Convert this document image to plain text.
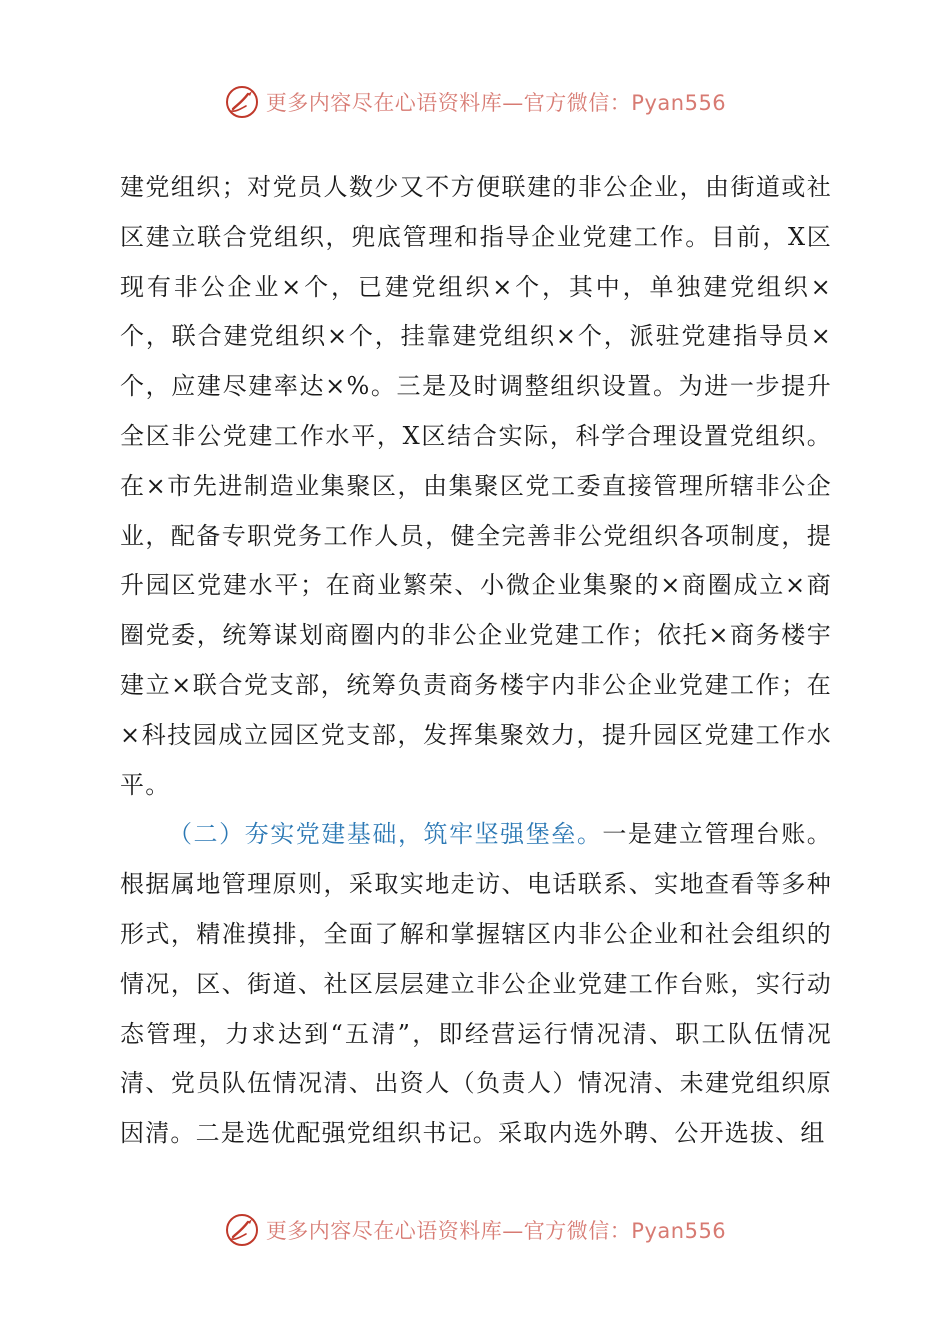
更多内容尽在心语资料库—官方微信：Pyan556

建党组织；对党员人数少又不方便联建的非公企业，由街道或社区建立联合党组织，兜底管理和指导企业党建工作。目前，X区现有非公企业×个，已建党组织×个，其中，单独建党组织×个，联合建党组织×个，挂靠建党组织×个，派驻党建指导员×个，应建尽建率达×%。三是及时调整组织设置。为进一步提升全区非公党建工作水平，X区结合实际，科学合理设置党组织。在×市先进制造业集聚区，由集聚区党工委直接管理所辖非公企业，配备专职党务工作人员，健全完善非公党组织各项制度，提升园区党建水平；在商业繁荣、小微企业集聚的×商圈成立×商圈党委，统筹谋划商圈内的非公企业党建工作；依托×商务楼宇建立×联合党支部，统筹负责商务楼宇内非公企业党建工作；在×科技园成立园区党支部，发挥集聚效力，提升园区党建工作水平。

（二）夯实党建基础，筑牢坚强堡垒。一是建立管理台账。根据属地管理原则，采取实地走访、电话联系、实地查看等多种形式，精准摸排，全面了解和掌握辖区内非公企业和社会组织的情况，区、街道、社区层层建立非公企业党建工作台账，实行动态管理，力求达到“五清”，即经营运行情况清、职工队伍情况清、党员队伍情况清、出资人（负责人）情况清、未建党组织原因清。二是选优配强党组织书记。采取内选外聘、公开选拔、组

更多内容尽在心语资料库—官方微信：Pyan556
